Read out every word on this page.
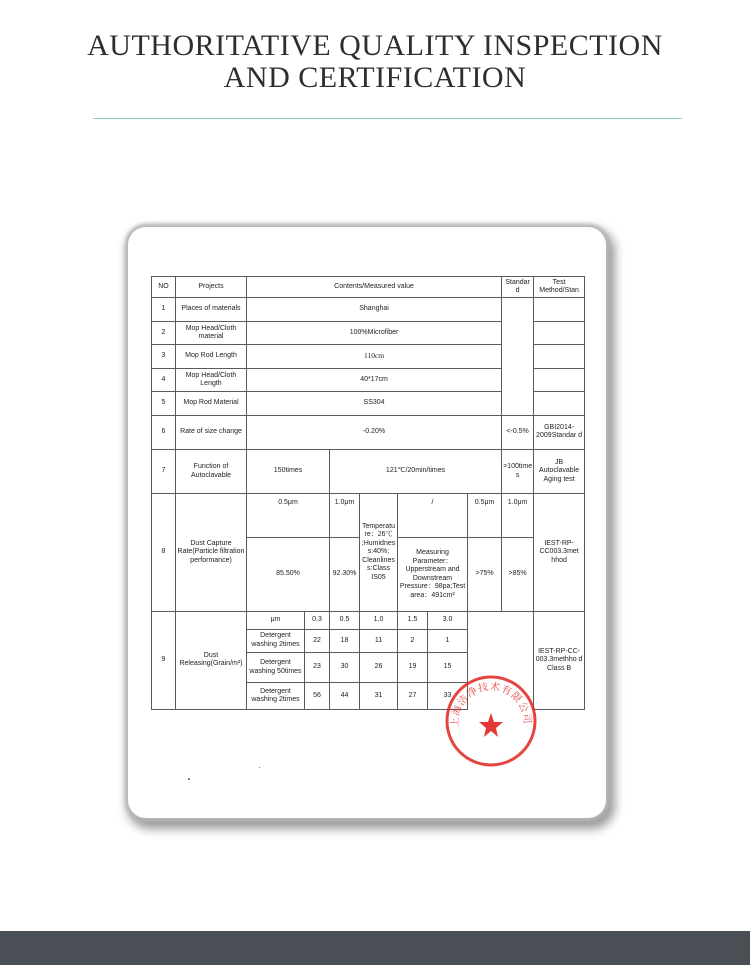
AUTHORITATIVE QUALITY INSPECTION
AND CERTIFICATION
NO	Projects	Contents/Measured value							Standar d	Test Method/Stan
1	Places of materials	Shanghai								
2	Mop Head/Cloth material	100%Microfiber								
3	Mop Rod Length	110cm								
4	Mop Head/Cloth Length	40*17cm								
5	Mop Rod Material	SS304								
6	Rate of size change	-0.20%							<-0.5%	GBI2014-2009Standar d
7	Function of Autoclavable	150times		121℃/20min/times					>100times	JB Autoclavable Aging test
8	Dust Capture Rate(Particle filtration performance)	0.5μm		1.0μm	Temperatu re：26℃ ;Humidnes s:40%; Cleanlines s:Class IS05	/		0.5μm	1.0μm	IEST-RP-CC003.3met hhod
		85.50%		92.30%		Measuring Parameter：Upperstream and Downstream Pressure：98pa;Test area：491cm²		>75%	>85%	
9	Dust Releasing(Grain/m²)	μm	0.3	0.5	1.0	1.5	3.0			IEST-RP-CC-003.3methho d Class B
		Detergent washing 2times	22	18	11	2	1			
		Detergent washing 50times	23	30	26	19	15			
		Detergent washing 2times	56	44	31	27	33			
上海洁净技术有限公司
